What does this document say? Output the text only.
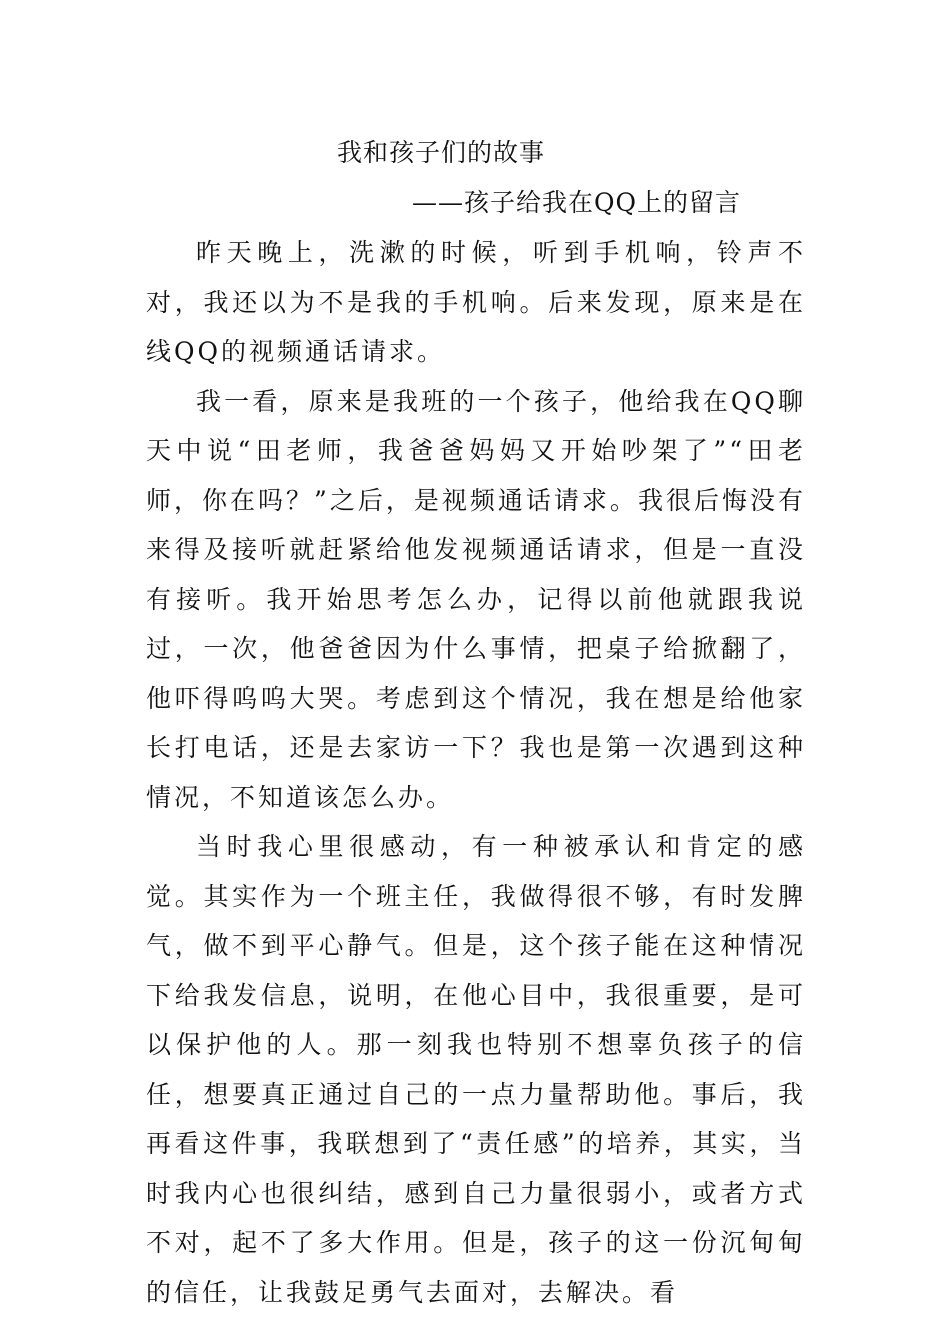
我和孩子们的故事
——孩子给我在QQ上的留言

昨天晚上，洗漱的时候，听到手机响，铃声不对，我还以为不是我的手机响。后来发现，原来是在线QQ的视频通话请求。

我一看，原来是我班的一个孩子，他给我在QQ聊天中说“田老师，我爸爸妈妈又开始吵架了”“田老师，你在吗？”之后，是视频通话请求。我很后悔没有来得及接听就赶紧给他发视频通话请求，但是一直没有接听。我开始思考怎么办，记得以前他就跟我说过，一次，他爸爸因为什么事情，把桌子给掀翻了，他吓得呜呜大哭。考虑到这个情况，我在想是给他家长打电话，还是去家访一下？我也是第一次遇到这种情况，不知道该怎么办。

当时我心里很感动，有一种被承认和肯定的感觉。其实作为一个班主任，我做得很不够，有时发脾气，做不到平心静气。但是，这个孩子能在这种情况下给我发信息，说明，在他心目中，我很重要，是可以保护他的人。那一刻我也特别不想辜负孩子的信任，想要真正通过自己的一点力量帮助他。事后，我再看这件事，我联想到了“责任感”的培养，其实，当时我内心也很纠结，感到自己力量很弱小，或者方式不对，起不了多大作用。但是，孩子的这一份沉甸甸的信任，让我鼓足勇气去面对，去解决。看
